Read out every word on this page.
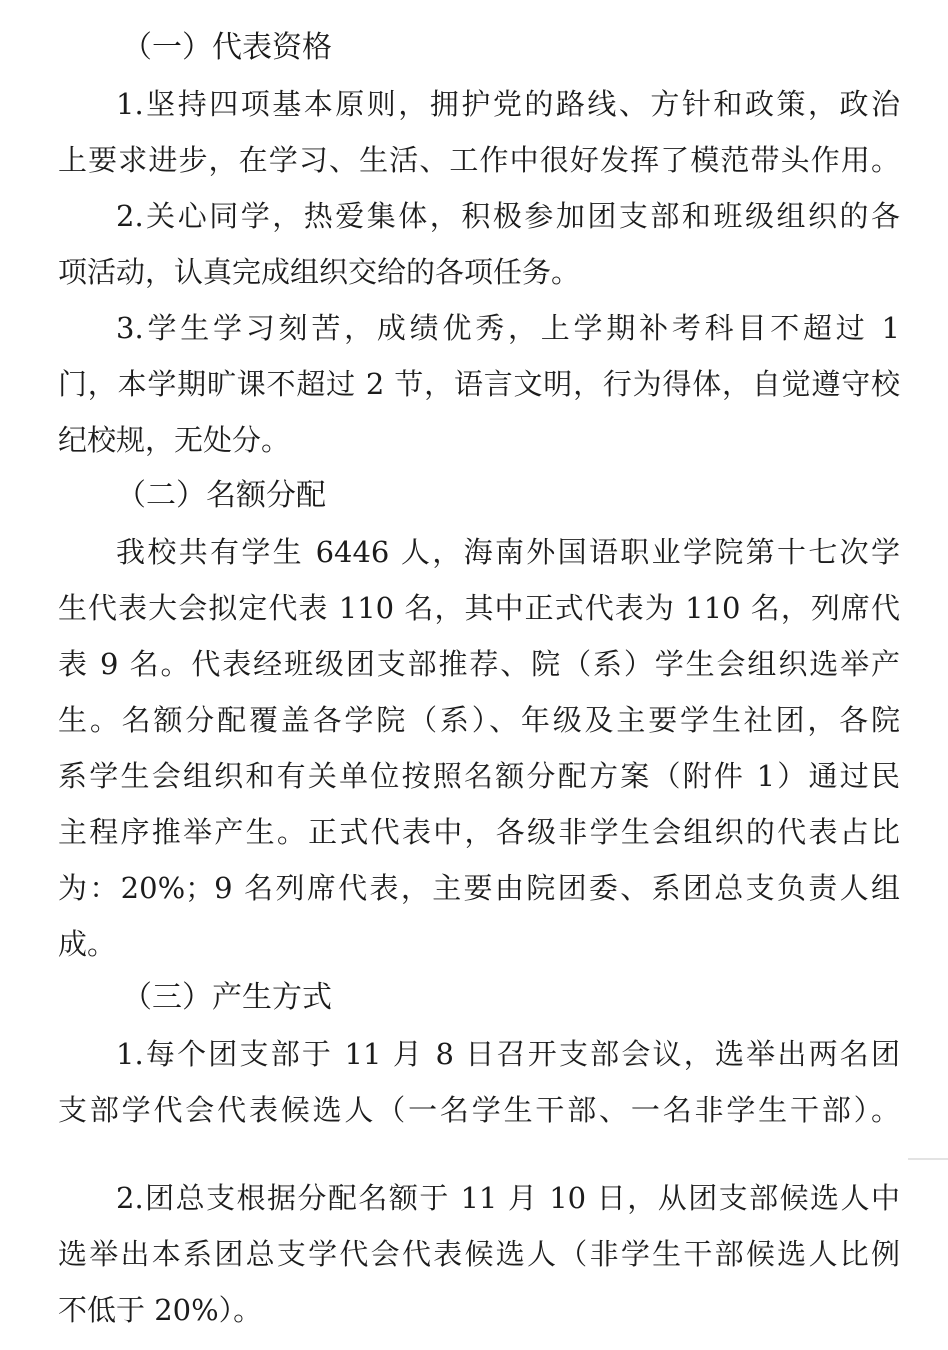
（一）代表资格
1.坚持四项基本原则，拥护党的路线、方针和政策，政治
上要求进步，在学习、生活、工作中很好发挥了模范带头作用。
2.关心同学，热爱集体，积极参加团支部和班级组织的各
项活动，认真完成组织交给的各项任务。
3.学生学习刻苦，成绩优秀，上学期补考科目不超过 1
门，本学期旷课不超过 2 节，语言文明，行为得体，自觉遵守校
纪校规，无处分。
（二）名额分配
我校共有学生 6446 人，海南外国语职业学院第十七次学
生代表大会拟定代表 110 名，其中正式代表为 110 名，列席代
表 9 名。代表经班级团支部推荐、院（系）学生会组织选举产
生。名额分配覆盖各学院（系）、年级及主要学生社团，各院
系学生会组织和有关单位按照名额分配方案（附件 1）通过民
主程序推举产生。正式代表中，各级非学生会组织的代表占比
为：20%；9 名列席代表，主要由院团委、系团总支负责人组
成。
（三）产生方式
1.每个团支部于 11 月 8 日召开支部会议，选举出两名团
支部学代会代表候选人（一名学生干部、一名非学生干部）。
2.团总支根据分配名额于 11 月 10 日，从团支部候选人中
选举出本系团总支学代会代表候选人（非学生干部候选人比例
不低于 20%）。
